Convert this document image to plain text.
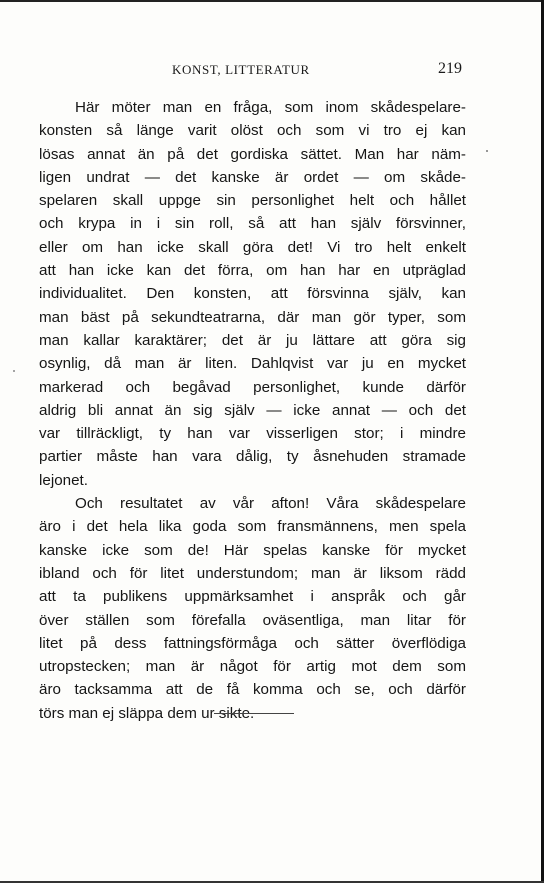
KONST, LITTERATUR	219
Här möter man en fråga, som inom skådespelare-
konsten så länge varit olöst och som vi tro ej kan
lösas annat än på det gordiska sättet. Man har näm-
ligen undrat — det kanske är ordet — om skåde-
spelaren skall uppge sin personlighet helt och hållet
och krypa in i sin roll, så att han själv försvinner,
eller om han icke skall göra det! Vi tro helt enkelt
att han icke kan det förra, om han har en utpräglad
individualitet. Den konsten, att försvinna själv, kan
man bäst på sekundteatrarna, där man gör typer, som
man kallar karaktärer; det är ju lättare att göra sig
osynlig, då man är liten. Dahlqvist var ju en mycket
markerad och begåvad personlighet, kunde därför
aldrig bli annat än sig själv — icke annat — och det
var tillräckligt, ty han var visserligen stor; i mindre
partier måste han vara dålig, ty åsnehuden stramade
lejonet.
Och resultatet av vår afton! Våra skådespelare
äro i det hela lika goda som fransmännens, men spela
kanske icke som de! Här spelas kanske för mycket
ibland och för litet understundom; man är liksom rädd
att ta publikens uppmärksamhet i anspråk och går
över ställen som förefalla oväsentliga, man litar för
litet på dess fattningsförmåga och sätter överflödiga
utropstecken; man är något för artig mot dem som
äro tacksamma att de få komma och se, och därför
törs man ej släppa dem ur sikte.
